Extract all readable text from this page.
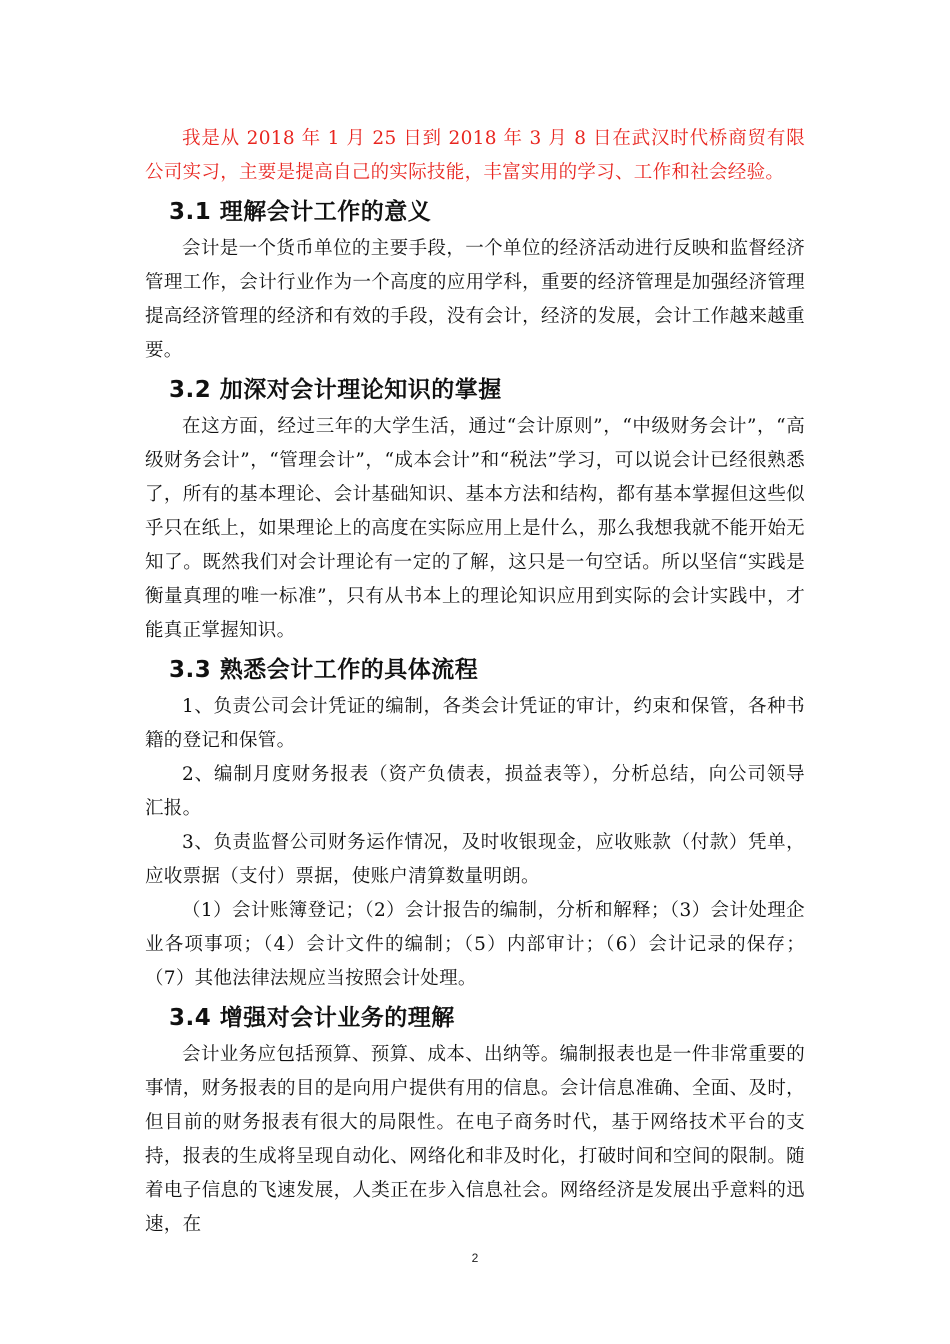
我是从 2018 年 1 月 25 日到 2018 年 3 月 8 日在武汉时代桥商贸有限公司实习，主要是提高自己的实际技能，丰富实用的学习、工作和社会经验。

3.1 理解会计工作的意义

会计是一个货币单位的主要手段，一个单位的经济活动进行反映和监督经济管理工作，会计行业作为一个高度的应用学科，重要的经济管理是加强经济管理提高经济管理的经济和有效的手段，没有会计，经济的发展，会计工作越来越重要。

3.2 加深对会计理论知识的掌握

在这方面，经过三年的大学生活，通过“会计原则”，“中级财务会计”，“高级财务会计”，“管理会计”，“成本会计”和“税法”学习，可以说会计已经很熟悉了，所有的基本理论、会计基础知识、基本方法和结构，都有基本掌握但这些似乎只在纸上，如果理论上的高度在实际应用上是什么，那么我想我就不能开始无知了。既然我们对会计理论有一定的了解，这只是一句空话。所以坚信“实践是衡量真理的唯一标准”，只有从书本上的理论知识应用到实际的会计实践中，才能真正掌握知识。

3.3 熟悉会计工作的具体流程

1、负责公司会计凭证的编制，各类会计凭证的审计，约束和保管，各种书籍的登记和保管。

2、编制月度财务报表（资产负债表，损益表等），分析总结，向公司领导汇报。

3、负责监督公司财务运作情况，及时收银现金，应收账款（付款）凭单，应收票据（支付）票据，使账户清算数量明朗。

（1）会计账簿登记；（2）会计报告的编制，分析和解释；（3）会计处理企业各项事项；（4）会计文件的编制；（5）内部审计；（6）会计记录的保存；（7）其他法律法规应当按照会计处理。

3.4 增强对会计业务的理解

会计业务应包括预算、预算、成本、出纳等。编制报表也是一件非常重要的事情，财务报表的目的是向用户提供有用的信息。会计信息准确、全面、及时，但目前的财务报表有很大的局限性。在电子商务时代，基于网络技术平台的支持，报表的生成将呈现自动化、网络化和非及时化，打破时间和空间的限制。随着电子信息的飞速发展，人类正在步入信息社会。网络经济是发展出乎意料的迅速，在

2
